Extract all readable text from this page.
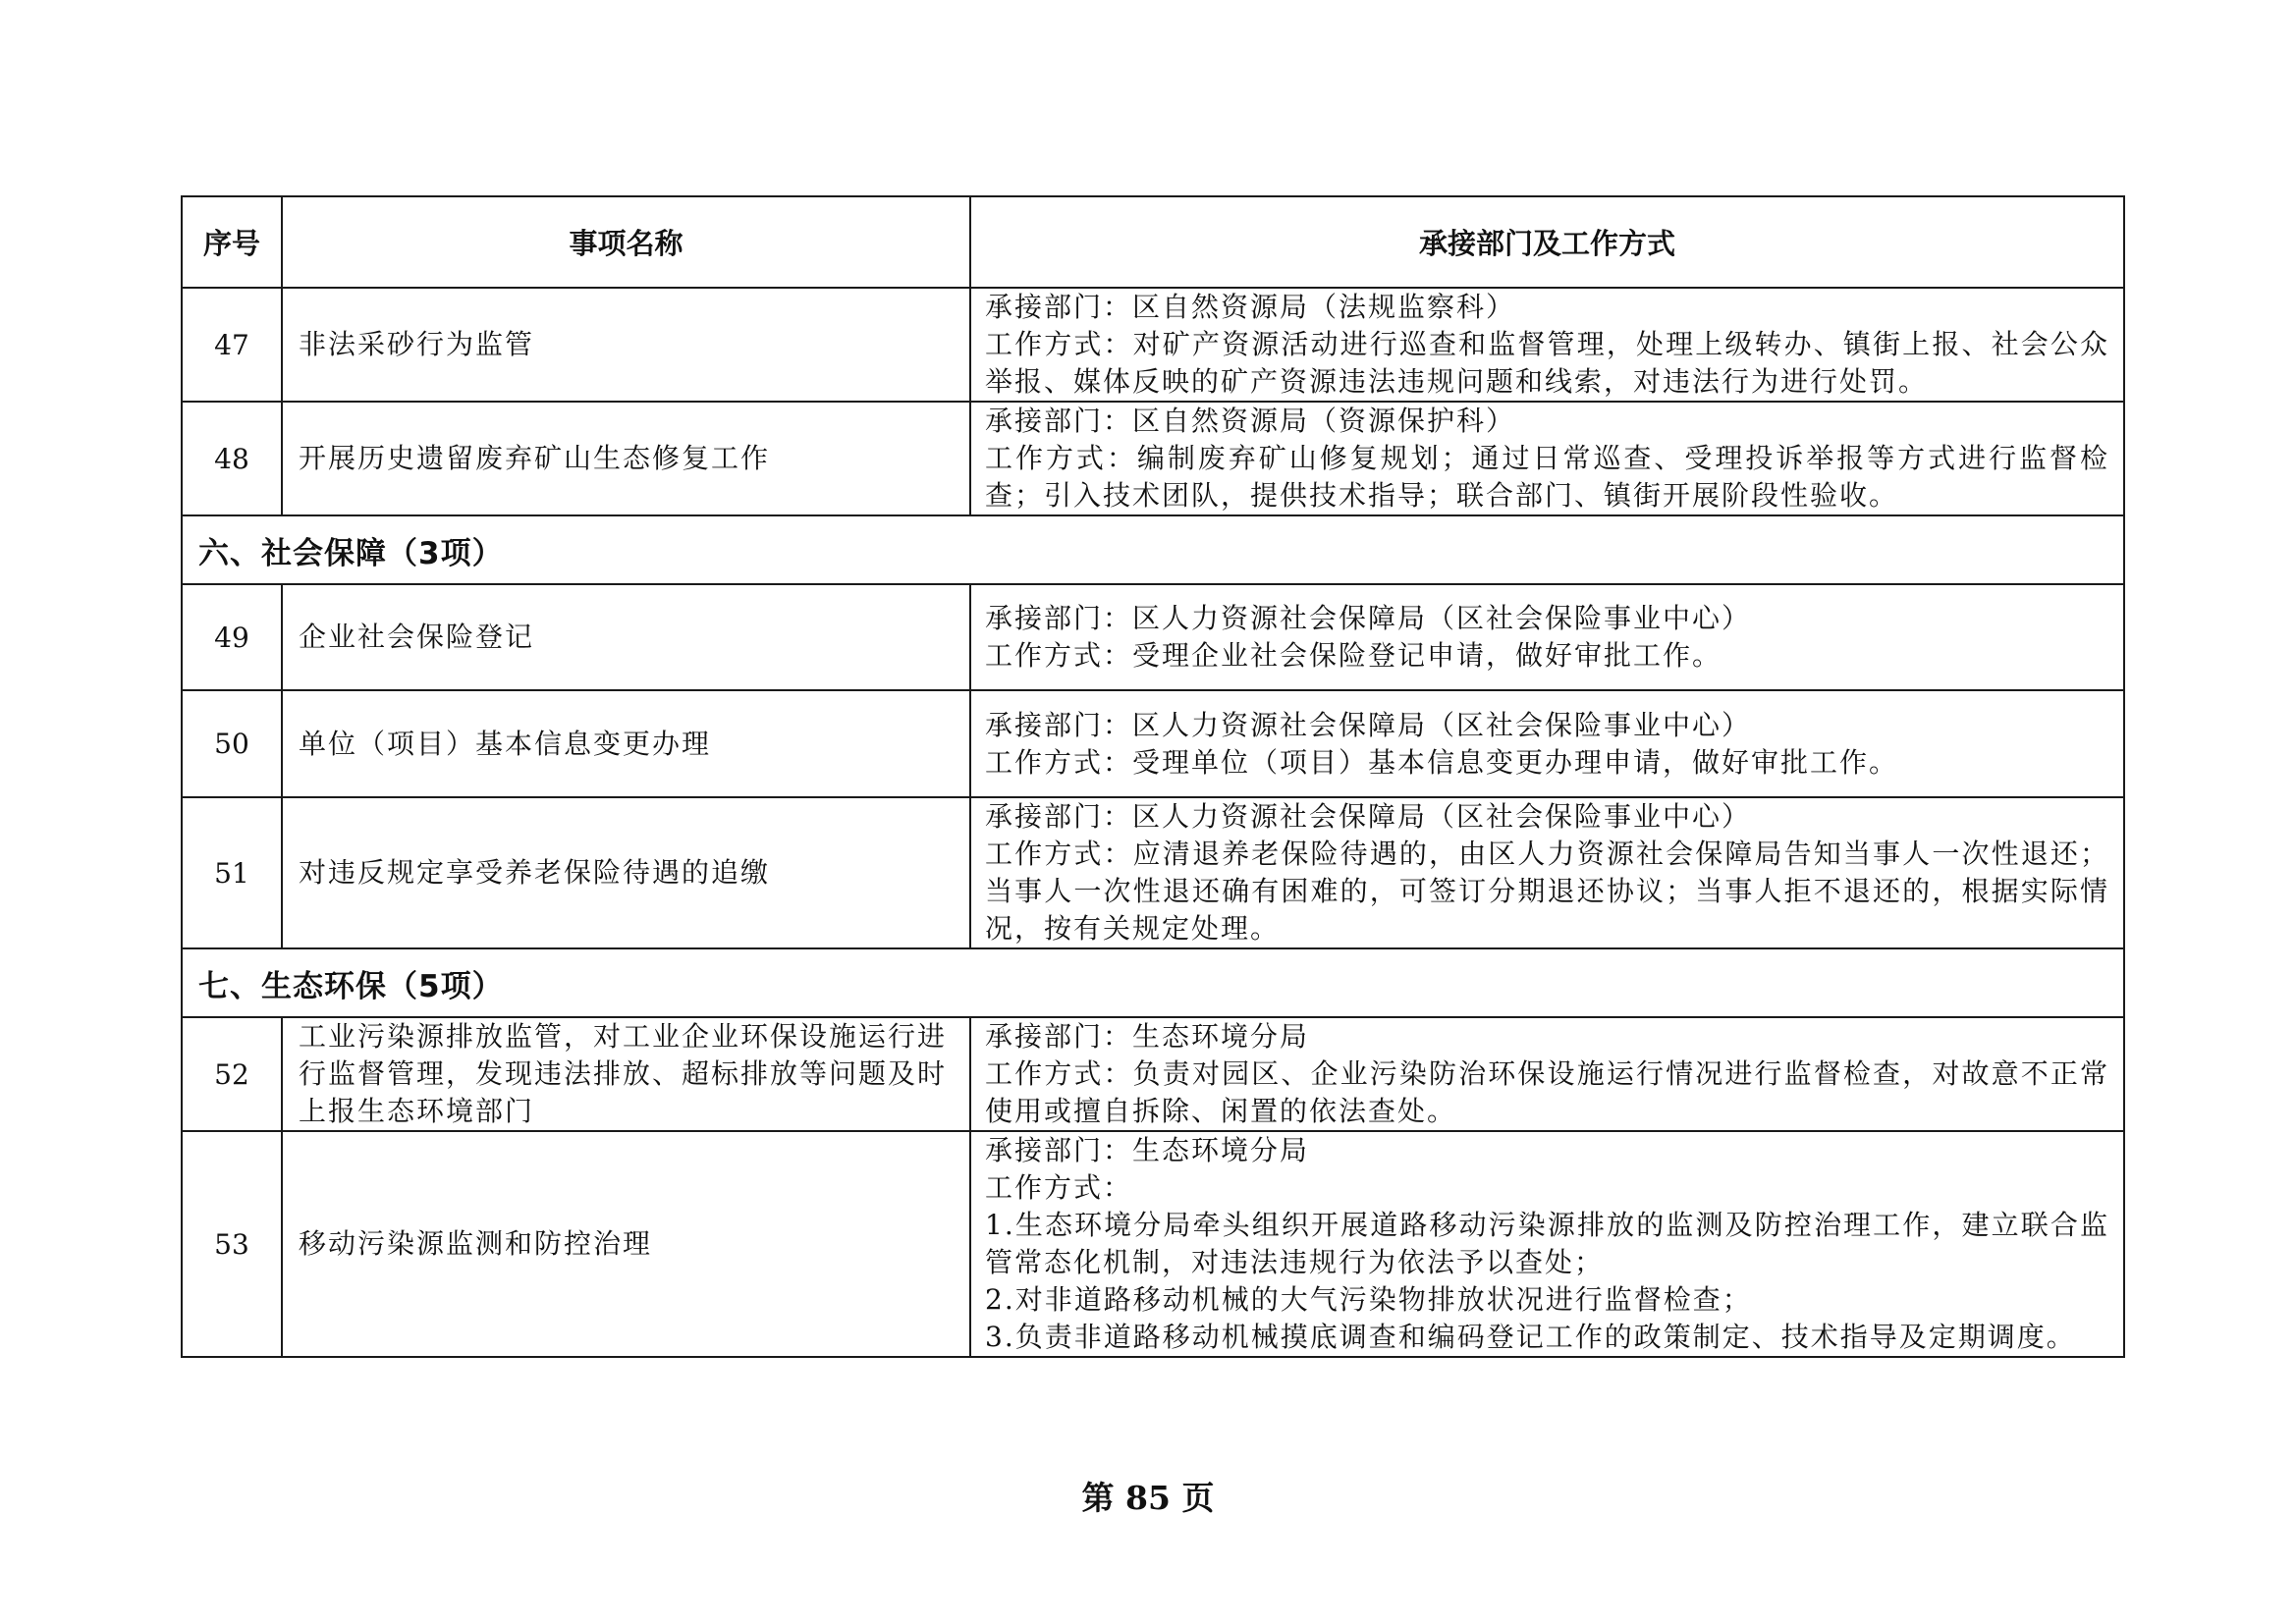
序号	事项名称	承接部门及工作方式
47	非法采砂行为监管	承接部门：区自然资源局（法规监察科）
工作方式：对矿产资源活动进行巡查和监督管理，处理上级转办、镇街上报、社会公众举报、媒体反映的矿产资源违法违规问题和线索，对违法行为进行处罚。

48	开展历史遗留废弃矿山生态修复工作	承接部门：区自然资源局（资源保护科）
工作方式：编制废弃矿山修复规划；通过日常巡查、受理投诉举报等方式进行监督检查；引入技术团队，提供技术指导；联合部门、镇街开展阶段性验收。

六、社会保障（3项）		
49	企业社会保险登记	承接部门：区人力资源社会保障局（区社会保险事业中心）
工作方式：受理企业社会保险登记申请，做好审批工作。

50	单位（项目）基本信息变更办理	承接部门：区人力资源社会保障局（区社会保险事业中心）
工作方式：受理单位（项目）基本信息变更办理申请，做好审批工作。

51	对违反规定享受养老保险待遇的追缴	承接部门：区人力资源社会保障局（区社会保险事业中心）
工作方式：应清退养老保险待遇的，由区人力资源社会保障局告知当事人一次性退还；当事人一次性退还确有困难的，可签订分期退还协议；当事人拒不退还的，根据实际情况，按有关规定处理。

七、生态环保（5项）		
52	工业污染源排放监管，对工业企业环保设施运行进行监督管理，发现违法排放、超标排放等问题及时上报生态环境部门	承接部门：生态环境分局
工作方式：负责对园区、企业污染防治环保设施运行情况进行监督检查，对故意不正常使用或擅自拆除、闲置的依法查处。

53	移动污染源监测和防控治理	承接部门：生态环境分局
工作方式：
1.生态环境分局牵头组织开展道路移动污染源排放的监测及防控治理工作，建立联合监管常态化机制，对违法违规行为依法予以查处；
2.对非道路移动机械的大气污染物排放状况进行监督检查；
3.负责非道路移动机械摸底调查和编码登记工作的政策制定、技术指导及定期调度。
第 85 页
